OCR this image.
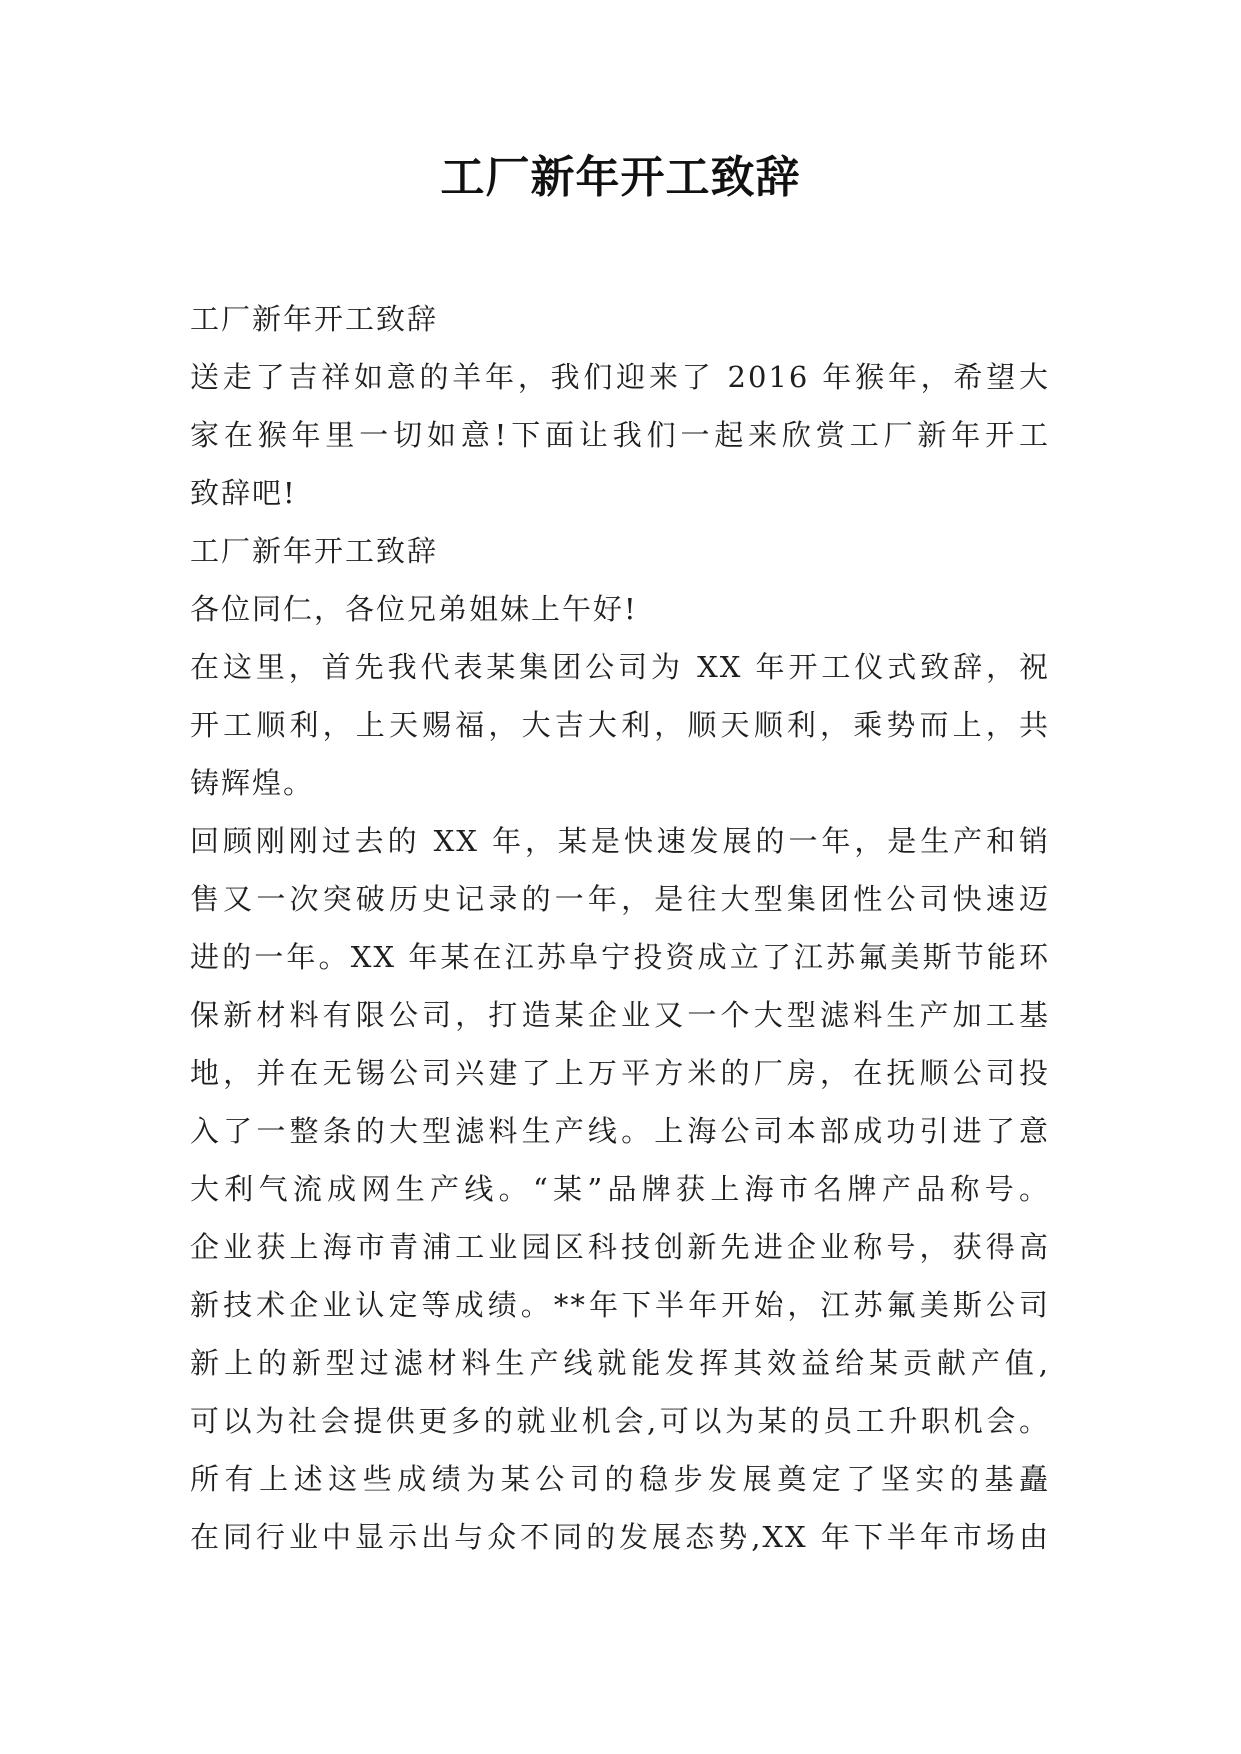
工厂新年开工致辞
工厂新年开工致辞
送走了吉祥如意的羊年，我们迎来了 2016 年猴年，希望大
家在猴年里一切如意!下面让我们一起来欣赏工厂新年开工
致辞吧!
工厂新年开工致辞
各位同仁，各位兄弟姐妹上午好!
在这里，首先我代表某集团公司为 XX 年开工仪式致辞，祝
开工顺利，上天赐福，大吉大利，顺天顺利，乘势而上，共
铸辉煌。
回顾刚刚过去的 XX 年，某是快速发展的一年，是生产和销
售又一次突破历史记录的一年，是往大型集团性公司快速迈
进的一年。XX 年某在江苏阜宁投资成立了江苏氟美斯节能环
保新材料有限公司，打造某企业又一个大型滤料生产加工基
地，并在无锡公司兴建了上万平方米的厂房，在抚顺公司投
入了一整条的大型滤料生产线。上海公司本部成功引进了意
大利气流成网生产线。“某”品牌获上海市名牌产品称号。
企业获上海市青浦工业园区科技创新先进企业称号，获得高
新技术企业认定等成绩。**年下半年开始，江苏氟美斯公司
新上的新型过滤材料生产线就能发挥其效益给某贡献产值,
可以为社会提供更多的就业机会,可以为某的员工升职机会。
所有上述这些成绩为某公司的稳步发展奠定了坚实的基矗
在同行业中显示出与众不同的发展态势,XX 年下半年市场由
